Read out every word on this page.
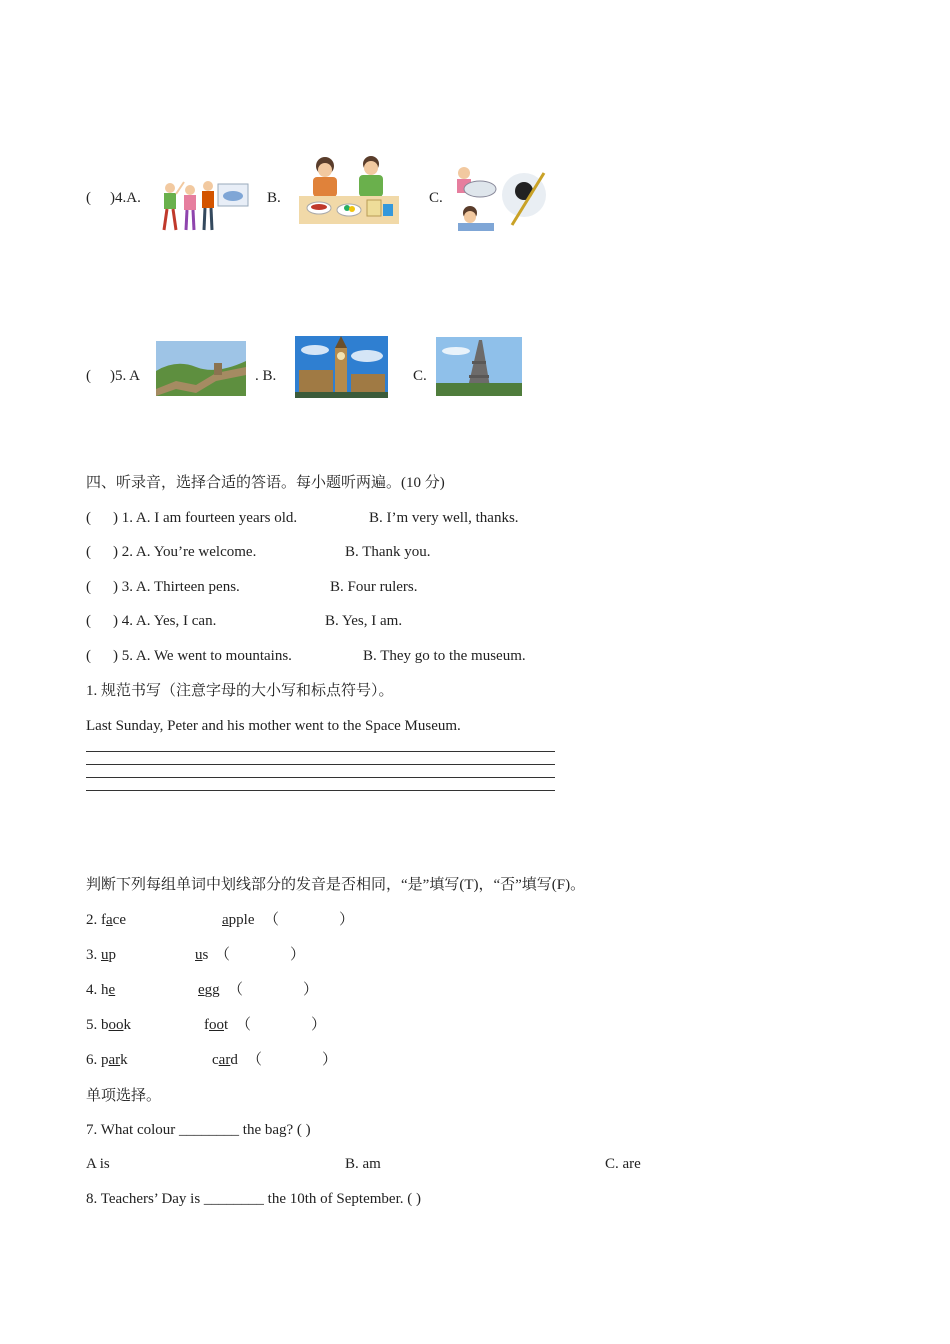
( )4.A.	B.	C.
( )5. A	. B.	C.
四、听录音，选择合适的答语。每小题听两遍。(10 分)
( ) 1. A. I am fourteen years old.	B. I’m very well, thanks.
( ) 2. A. You’re welcome.	B. Thank you.
( ) 3. A. Thirteen pens.	B. Four rulers.
( ) 4. A. Yes, I can.	B. Yes, I am.
( ) 5. A. We went to mountains.	B. They go to the museum.
1. 规范书写（注意字母的大小写和标点符号）。
Last Sunday, Peter and his mother went to the Space Museum.
判断下列每组单词中划线部分的发音是否相同，“是”填写(T)，“否”填写(F)。
2. face	apple （　　　　）
3. up	us （　　　　）
4. he	egg （　　　　）
5. book	foot （　　　　）
6. park	card （　　　　）
单项选择。
7. What colour ________ the bag? ( )
A is	B. am	C. are
8. Teachers’ Day is ________ the 10th of September. ( )
